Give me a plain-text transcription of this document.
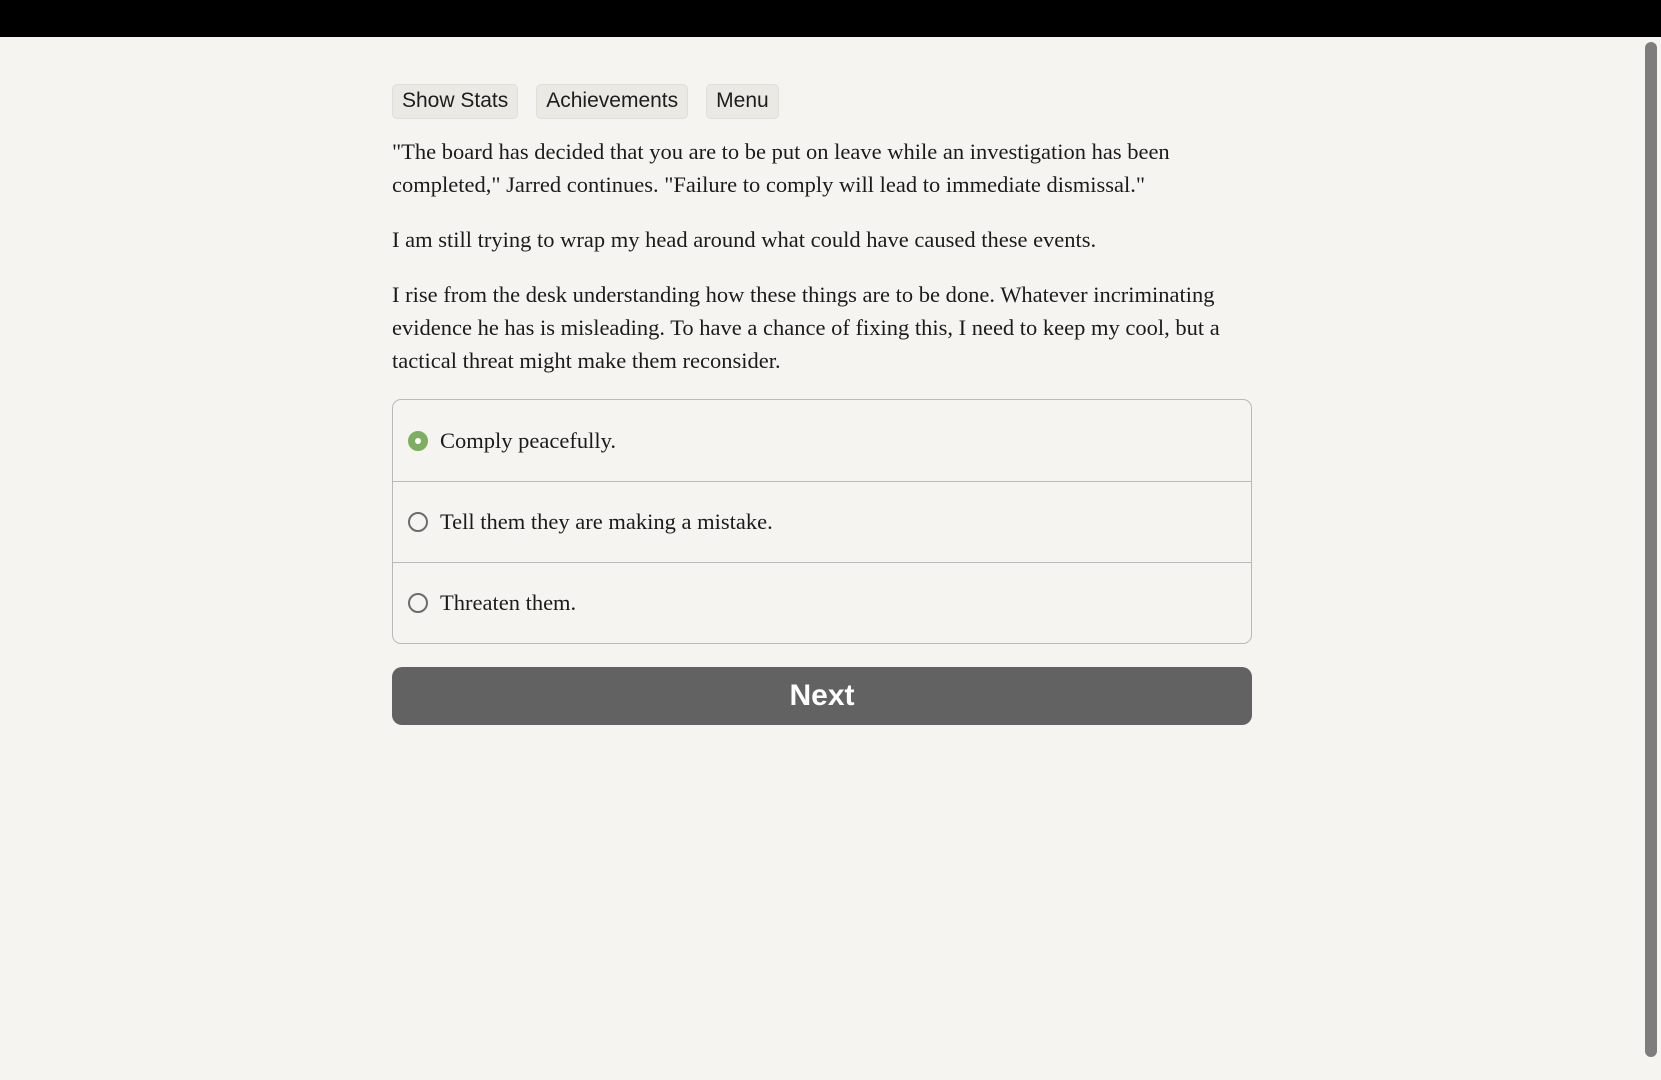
Show Stats	Achievements	Menu

"The board has decided that you are to be put on leave while an investigation has been completed," Jarred continues. "Failure to comply will lead to immediate dismissal."

I am still trying to wrap my head around what could have caused these events.

I rise from the desk understanding how these things are to be done. Whatever incriminating evidence he has is misleading. To have a chance of fixing this, I need to keep my cool, but a tactical threat might make them reconsider.

Comply peacefully.
Tell them they are making a mistake.
Threaten them.
Next
